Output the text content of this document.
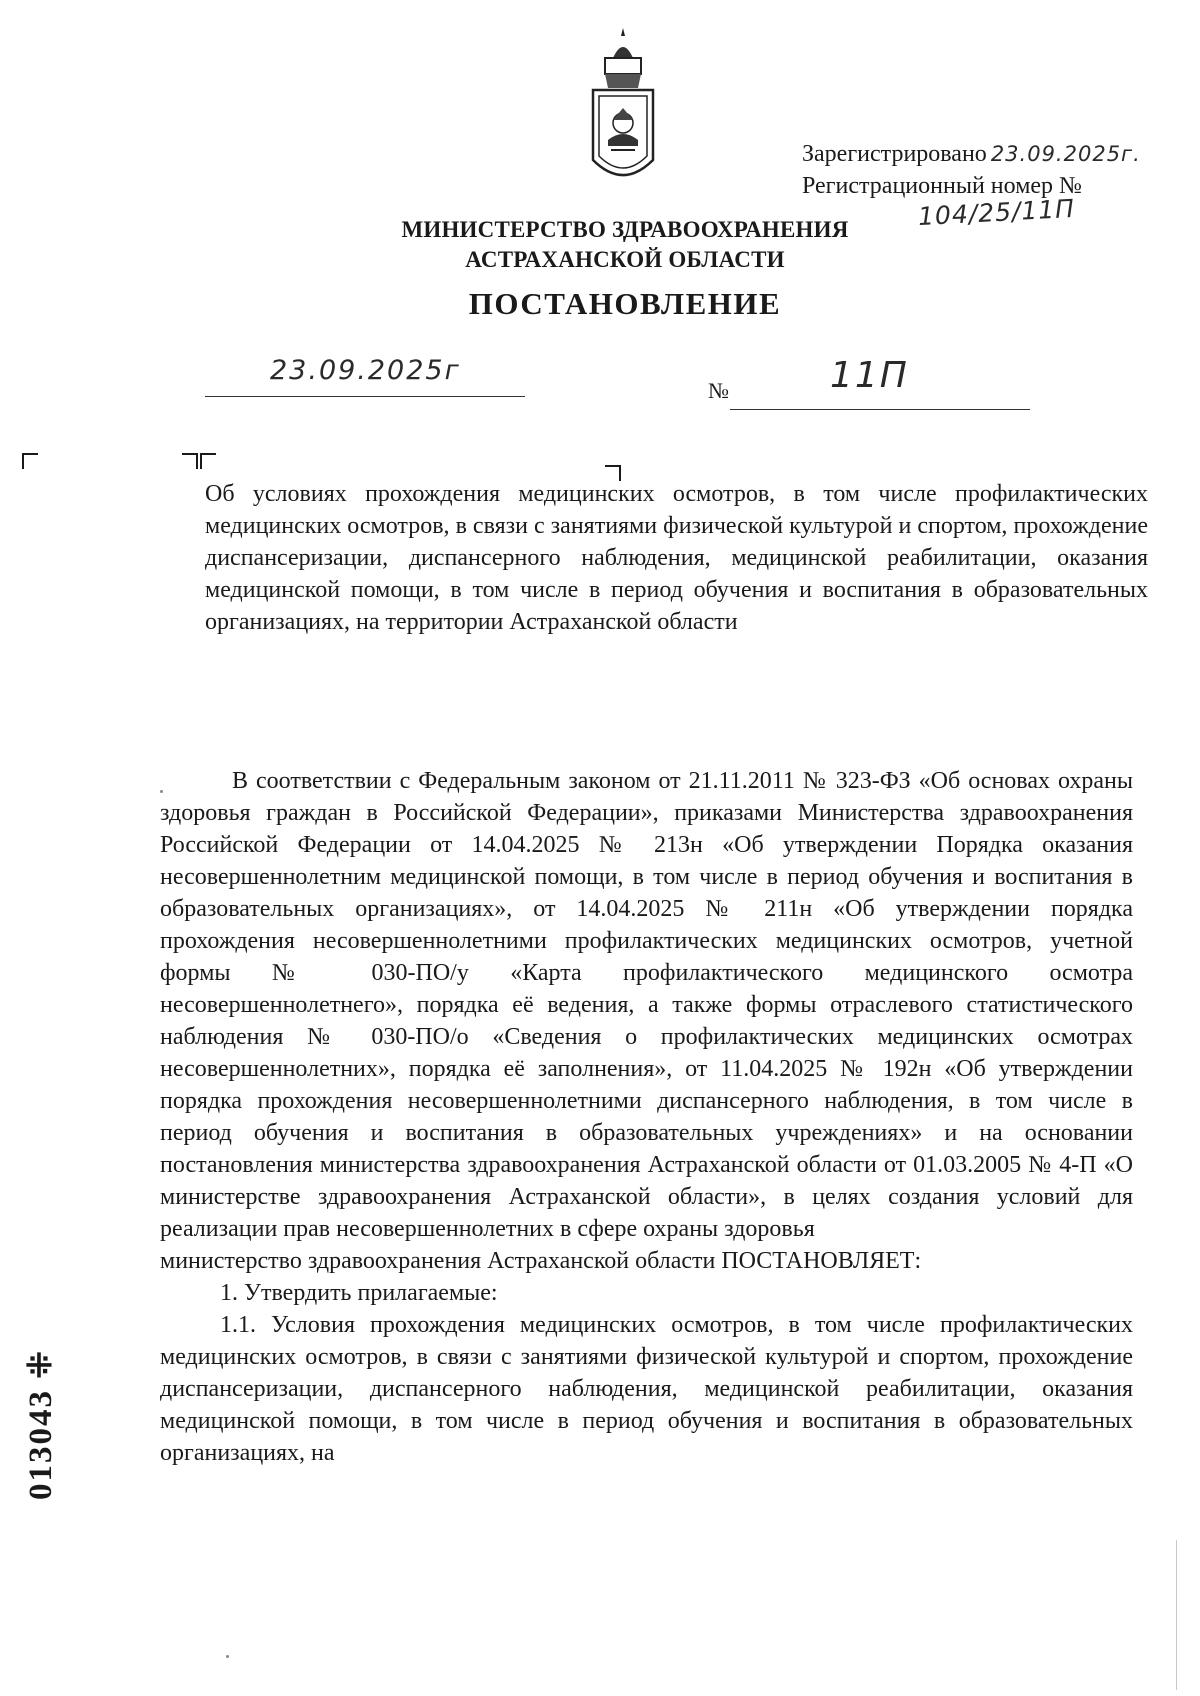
Зарегистрировано 23.09.2025г.
Регистрационный номер №
104/25/11П
МИНИСТЕРСТВО ЗДРАВООХРАНЕНИЯ
АСТРАХАНСКОЙ ОБЛАСТИ
ПОСТАНОВЛЕНИЕ
23.09.2025г
№	11П
Об условиях прохождения медицинских осмотров, в том числе профилактических медицинских осмотров, в связи с занятиями физической культурой и спортом, прохождение диспансеризации, диспансерного наблюдения, медицинской реабилитации, оказания медицинской помощи, в том числе в период обучения и воспитания в образовательных организациях, на территории Астраханской области

В соответствии с Федеральным законом от 21.11.2011 № 323-ФЗ «Об основах охраны здоровья граждан в Российской Федерации», приказами Министерства здравоохранения Российской Федерации от 14.04.2025 № 213н «Об утверждении Порядка оказания несовершеннолетним медицинской помощи, в том числе в период обучения и воспитания в образовательных организациях», от 14.04.2025 № 211н «Об утверждении порядка прохождения несовершеннолетними профилактических медицинских осмотров, учетной формы № 030-ПО/у «Карта профилактического медицинского осмотра несовершеннолетнего», порядка её ведения, а также формы отраслевого статистического наблюдения № 030-ПО/о «Сведения о профилактических медицинских осмотрах несовершеннолетних», порядка её заполнения», от 11.04.2025 № 192н «Об утверждении порядка прохождения несовершеннолетними диспансерного наблюдения, в том числе в период обучения и воспитания в образовательных учреждениях» и на основании постановления министерства здравоохранения Астраханской области от 01.03.2005 № 4-П «О министерстве здравоохранения Астраханской области», в целях создания условий для реализации прав несовершеннолетних в сфере охраны здоровья

министерство здравоохранения Астраханской области ПОСТАНОВЛЯЕТ:

1. Утвердить прилагаемые:

1.1. Условия прохождения медицинских осмотров, в том числе профилактических медицинских осмотров, в связи с занятиями физической культурой и спортом, прохождение диспансеризации, диспансерного наблюдения, медицинской реабилитации, оказания медицинской помощи, в том числе в период обучения и воспитания в образовательных организациях, на

013043 ⁜
